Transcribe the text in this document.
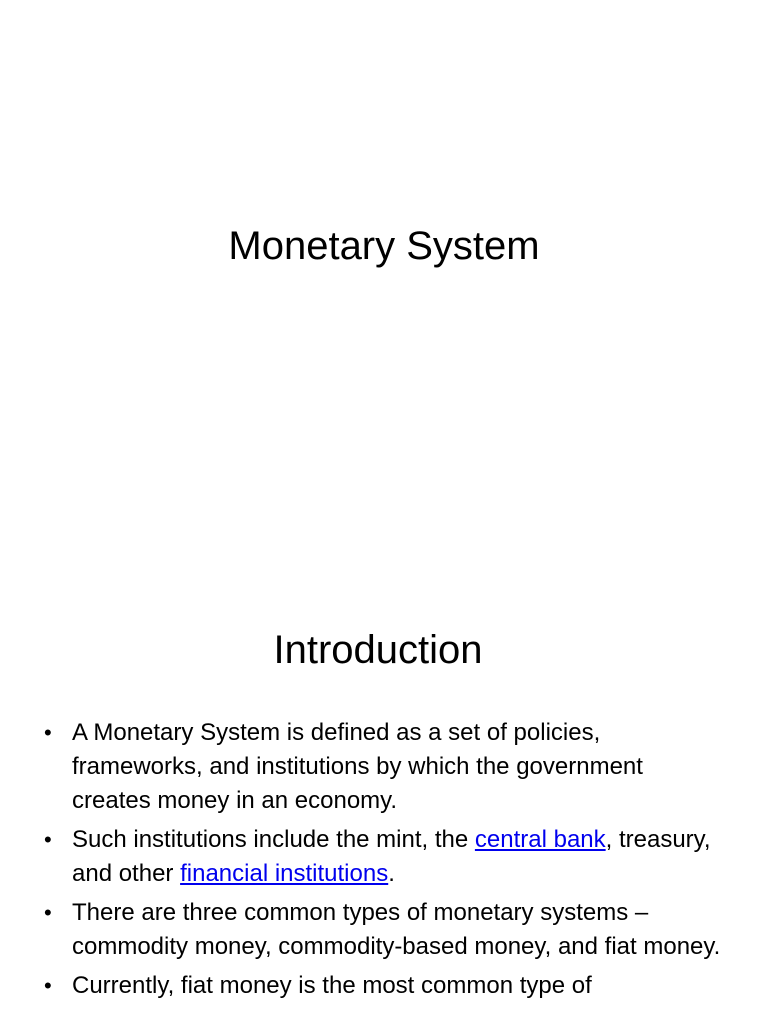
Monetary System
Introduction
• A Monetary System is defined as a set of policies, frameworks, and institutions by which the government creates money in an economy.
• Such institutions include the mint, the central bank, treasury, and other financial institutions.
• There are three common types of monetary systems – commodity money, commodity-based money, and fiat money.
• Currently, fiat money is the most common type of
